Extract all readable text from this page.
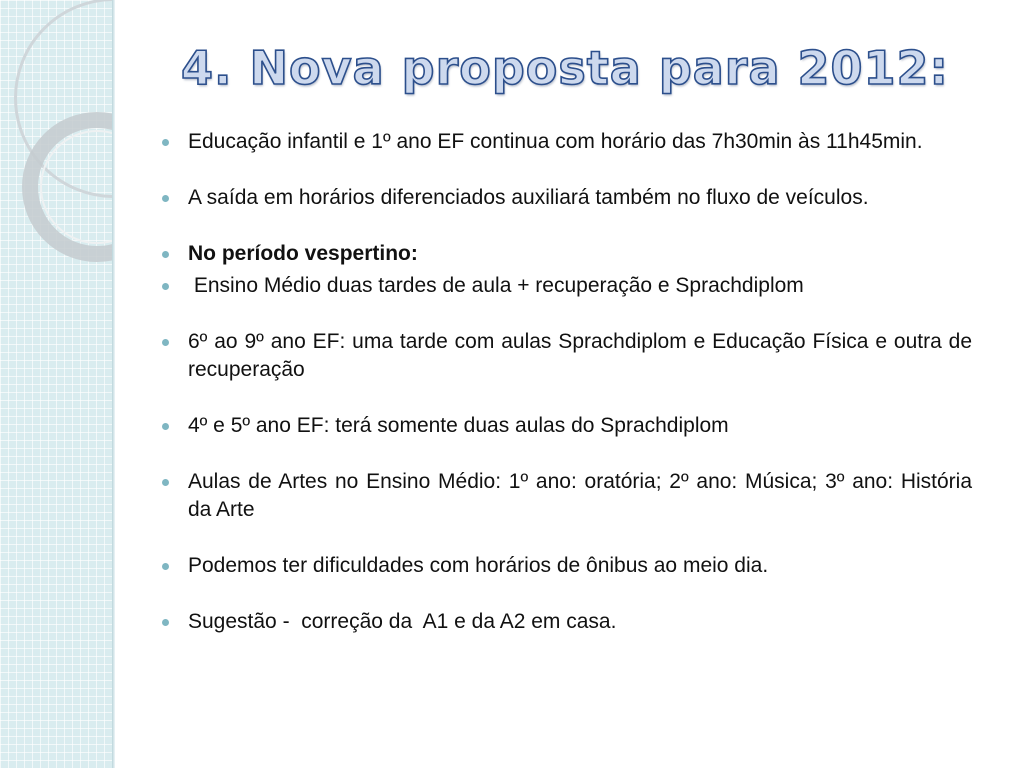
4. Nova proposta para 2012:
Educação infantil e 1º ano EF continua com horário das 7h30min às 11h45min.
A saída em horários diferenciados auxiliará também no fluxo de veículos.
No período vespertino:
Ensino Médio duas tardes de aula + recuperação e Sprachdiplom
6º ao 9º ano EF: uma tarde com aulas Sprachdiplom e Educação Física e outra de recuperação
4º e 5º ano EF: terá somente duas aulas do Sprachdiplom
Aulas de Artes no Ensino Médio: 1º ano: oratória; 2º ano: Música; 3º ano: História da Arte
Podemos ter dificuldades com horários de ônibus ao meio dia.
Sugestão -  correção da  A1 e da A2 em casa.
